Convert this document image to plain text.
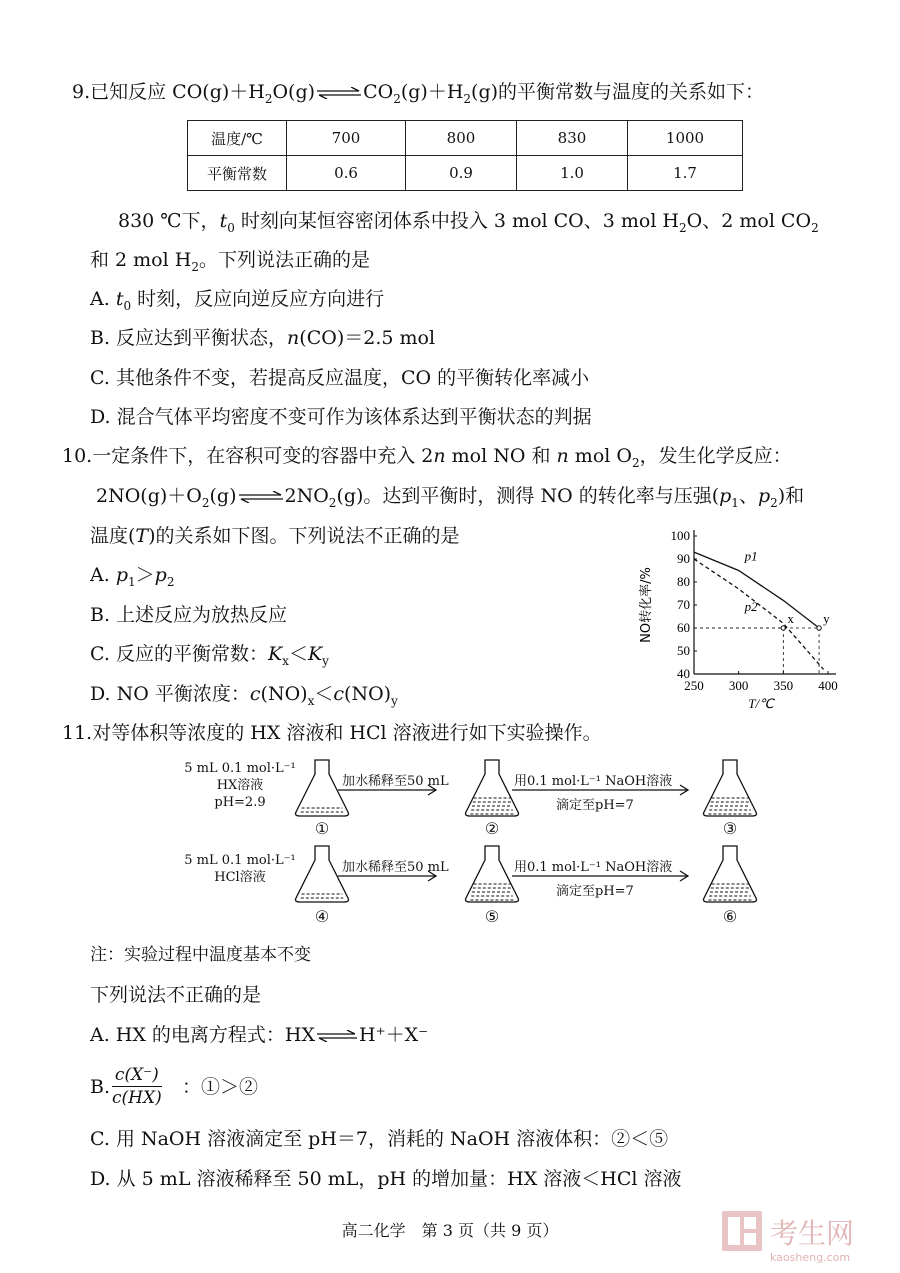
9.已知反应 $CO(g)+H_2O(g)$	$CO_2(g)+H_2(g)$的平衡常数与温度的关系如下：
温度/℃	700	800	830	1000
平衡常数	0.6	0.9	1.0	1.7
830 ℃下，$t_0$ 时刻向某恒容密闭体系中投入 3 mol CO、3 mol $H_2O$、2 mol $CO_2$
和 2 mol $H_2$。下列说法正确的是
A. $t_0$ 时刻，反应向逆反应方向进行
B. 反应达到平衡状态，n(CO)＝2.5 mol
C. 其他条件不变，若提高反应温度，CO 的平衡转化率减小
D. 混合气体平均密度不变可作为该体系达到平衡状态的判据
10.一定条件下，在容积可变的容器中充入 2n mol NO 和 n mol $O_2$，发生化学反应：
$2NO(g)+O_2(g)$	$2NO_2(g)$。达到平衡时，测得 NO 的转化率与压强($p_1$、$p_2$)和
温度(T)的关系如下图。下列说法不正确的是
A. $p_1>p_2$
B. 上述反应为放热反应
C. 反应的平衡常数：$K_x<K_y$
D. NO 平衡浓度：$c(NO)_x<c(NO)_y$
250 300 350 400
40
50
60
70
80
90
100
T/℃
NO转化率/%
p1
p2
x y
11.对等体积等浓度的 HX 溶液和 HCl 溶液进行如下实验操作。
5 mL 0.1 mol·L⁻¹
HX溶液
pH=2.9
5 mL 0.1 mol·L⁻¹
HCl溶液
加水稀释至50 mL	用0.1 mol·L⁻¹ NaOH溶液
滴定至pH=7
加水稀释至50 mL	用0.1 mol·L⁻¹ NaOH溶液
滴定至pH=7
①	②	③
④	⑤	⑥
注：实验过程中温度基本不变
下列说法不正确的是
A. HX 的电离方程式：HX H⁺＋X⁻
B. $\frac{c(X^-)}{c(HX)}$ ：①＞②
C. 用 NaOH 溶液滴定至 pH＝7，消耗的 NaOH 溶液体积：②＜⑤
D. 从 5 mL 溶液稀释至 50 mL，pH 的增加量：HX 溶液＜HCl 溶液
高二化学　第 3 页（共 9 页）	考生网
kaosheng.com
